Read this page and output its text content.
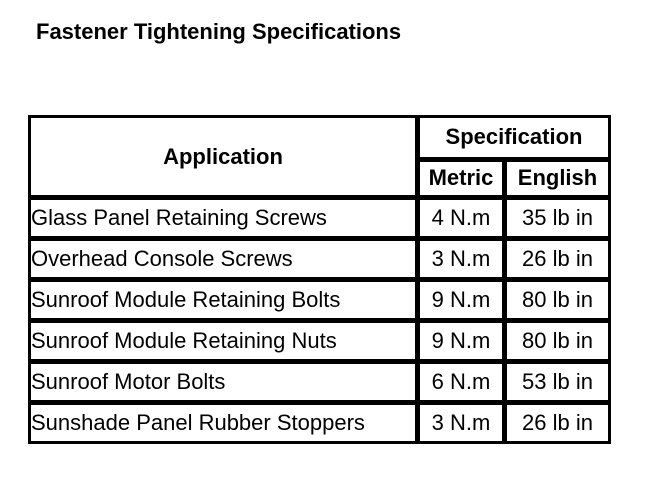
Fastener Tightening Specifications
Application	Specification	
	Metric	English
Glass Panel Retaining Screws	4 N.m	35 lb in
Overhead Console Screws	3 N.m	26 lb in
Sunroof Module Retaining Bolts	9 N.m	80 lb in
Sunroof Module Retaining Nuts	9 N.m	80 lb in
Sunroof Motor Bolts	6 N.m	53 lb in
Sunshade Panel Rubber Stoppers	3 N.m	26 lb in
